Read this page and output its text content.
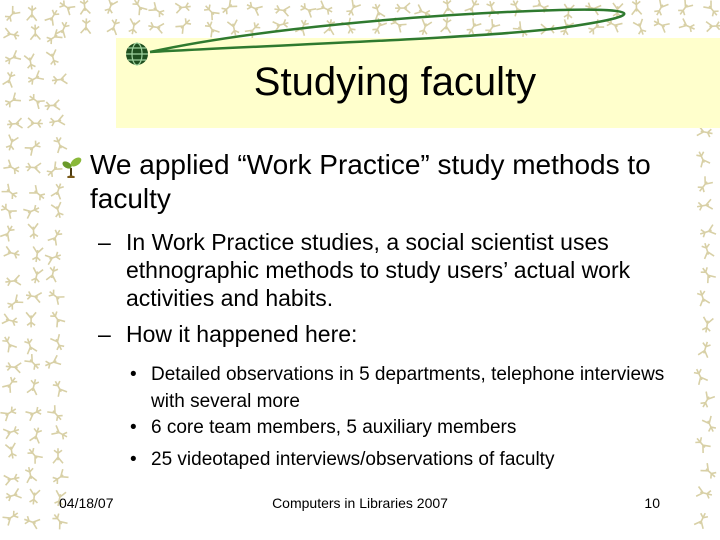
Studying faculty
We applied “Work Practice” study methods to faculty
– In Work Practice studies, a social scientist uses ethnographic methods to study users’ actual work activities and habits.
– How it happened here:
• Detailed observations in 5 departments, telephone interviews with several more
• 6 core team members, 5 auxiliary members
• 25 videotaped interviews/observations of faculty
04/18/07	Computers in Libraries 2007	10
